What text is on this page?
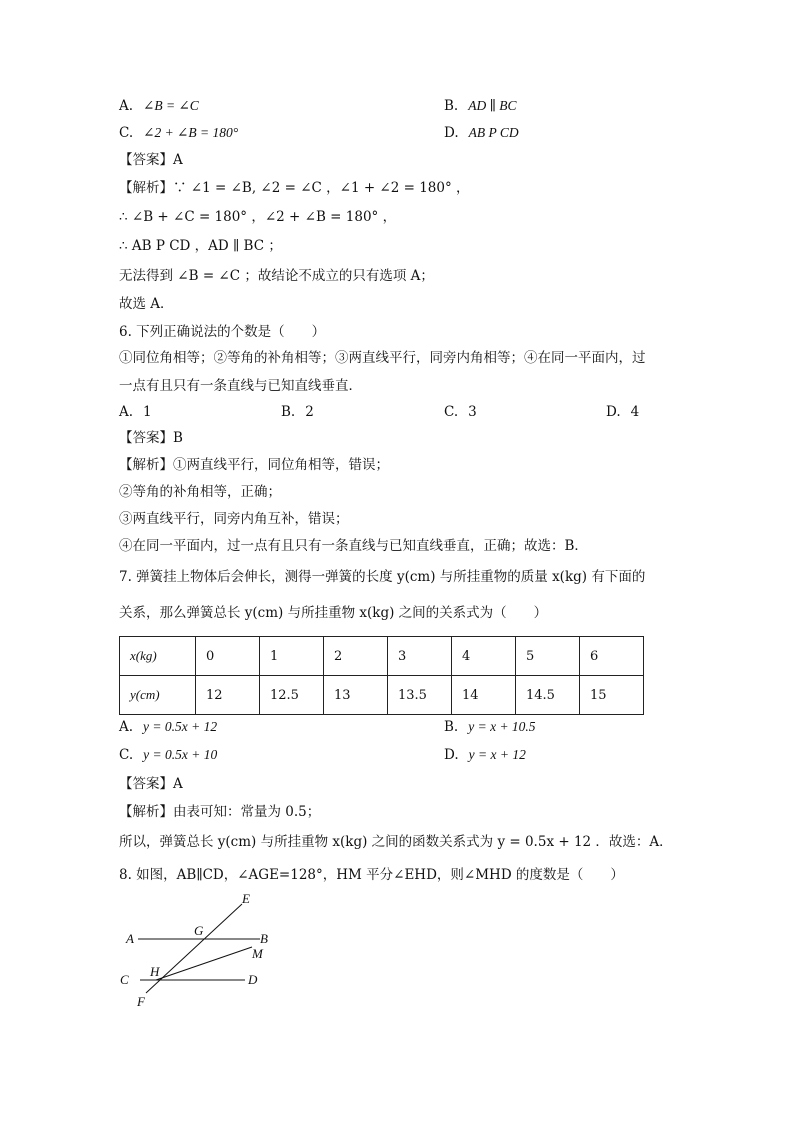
A. ∠B = ∠C	B. AD ∥ BC
C. ∠2 + ∠B = 180°	D. AB P CD
【答案】A
【解析】∵ ∠1 = ∠B, ∠2 = ∠C ，∠1 + ∠2 = 180° ，
∴ ∠B + ∠C = 180° ，∠2 + ∠B = 180° ，
∴ AB P CD ，AD ∥ BC ；
无法得到 ∠B = ∠C ；故结论不成立的只有选项 A；
故选 A．
6. 下列正确说法的个数是（　　）
①同位角相等；②等角的补角相等；③两直线平行，同旁内角相等；④在同一平面内，过
一点有且只有一条直线与已知直线垂直．
A. 1	B. 2	C. 3	D. 4
【答案】B
【解析】①两直线平行，同位角相等，错误；
②等角的补角相等，正确；
③两直线平行，同旁内角互补，错误；
④在同一平面内，过一点有且只有一条直线与已知直线垂直，正确；故选：B．
7. 弹簧挂上物体后会伸长，测得一弹簧的长度 y(cm) 与所挂重物的质量 x(kg) 有下面的
关系，那么弹簧总长 y(cm) 与所挂重物 x(kg) 之间的关系式为（　　）
x(kg)	0	1	2	3	4	5	6
y(cm)	12	12.5	13	13.5	14	14.5	15
A. y = 0.5x + 12	B. y = x + 10.5
C. y = 0.5x + 10	D. y = x + 12
【答案】A
【解析】由表可知：常量为 0.5；
所以，弹簧总长 y(cm) 与所挂重物 x(kg) 之间的函数关系式为 y = 0.5x + 12 ．故选：A．
8. 如图，AB∥CD，∠AGE=128°，HM 平分∠EHD，则∠MHD 的度数是（　　）
E
G
A	B
M
C
H
D
F
